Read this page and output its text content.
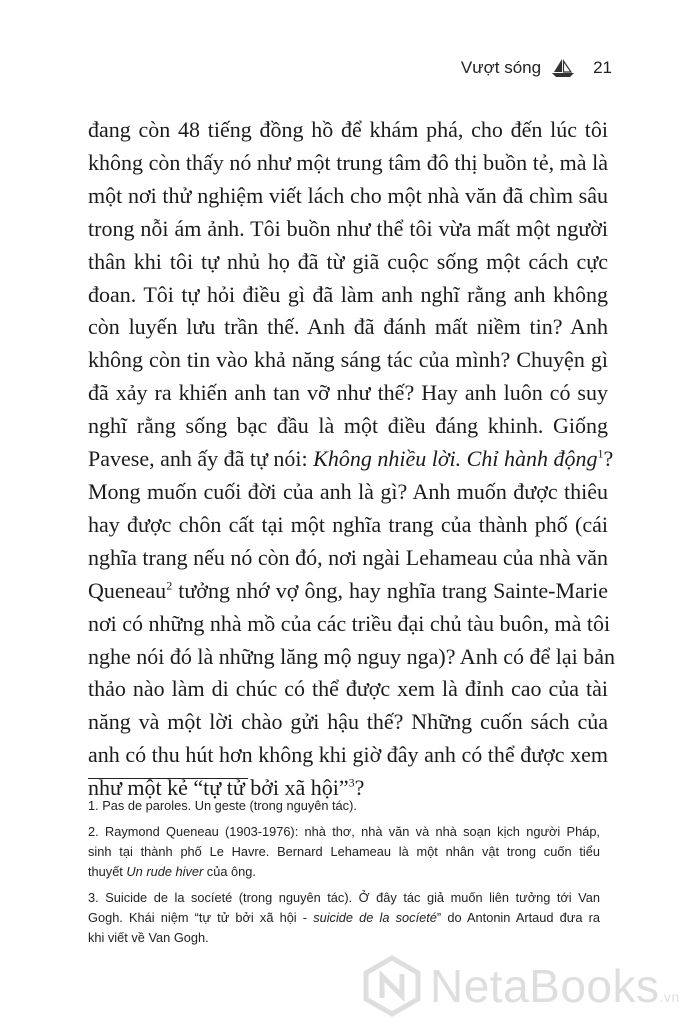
Vượt sóng	21
đang còn 48 tiếng đồng hồ để khám phá, cho đến lúc tôi
không còn thấy nó như một trung tâm đô thị buồn tẻ, mà là
một nơi thử nghiệm viết lách cho một nhà văn đã chìm sâu
trong nỗi ám ảnh. Tôi buồn như thể tôi vừa mất một người
thân khi tôi tự nhủ họ đã từ giã cuộc sống một cách cực
đoan. Tôi tự hỏi điều gì đã làm anh nghĩ rằng anh không
còn luyến lưu trần thế. Anh đã đánh mất niềm tin? Anh
không còn tin vào khả năng sáng tác của mình? Chuyện gì
đã xảy ra khiến anh tan vỡ như thế? Hay anh luôn có suy
nghĩ rằng sống bạc đầu là một điều đáng khinh. Giống
Pavese, anh ấy đã tự nói: Không nhiều lời. Chỉ hành động$^1$?
Mong muốn cuối đời của anh là gì? Anh muốn được thiêu
hay được chôn cất tại một nghĩa trang của thành phố (cái
nghĩa trang nếu nó còn đó, nơi ngài Lehameau của nhà văn
Queneau$^2$ tưởng nhớ vợ ông, hay nghĩa trang Sainte-Marie
nơi có những nhà mồ của các triều đại chủ tàu buôn, mà tôi
nghe nói đó là những lăng mộ nguy nga)? Anh có để lại bản
thảo nào làm di chúc có thể được xem là đỉnh cao của tài
năng và một lời chào gửi hậu thế? Những cuốn sách của
anh có thu hút hơn không khi giờ đây anh có thể được xem
như một kẻ “tự tử bởi xã hội”$^3$?
1. Pas de paroles. Un geste (trong nguyên tác).
2. Raymond Queneau (1903-1976): nhà thơ, nhà văn và nhà soạn kịch người Pháp,
sinh tại thành phố Le Havre. Bernard Lehameau là một nhân vật trong cuốn tiểu
thuyết Un rude hiver của ông.
3. Suicide de la socíeté (trong nguyên tác). Ở đây tác giả muốn liên tưởng tới Van
Gogh. Khái niệm “tự tử bởi xã hội - suicide de la socíeté” do Antonin Artaud đưa ra
khi viết về Van Gogh.
NetaBooks.vn
